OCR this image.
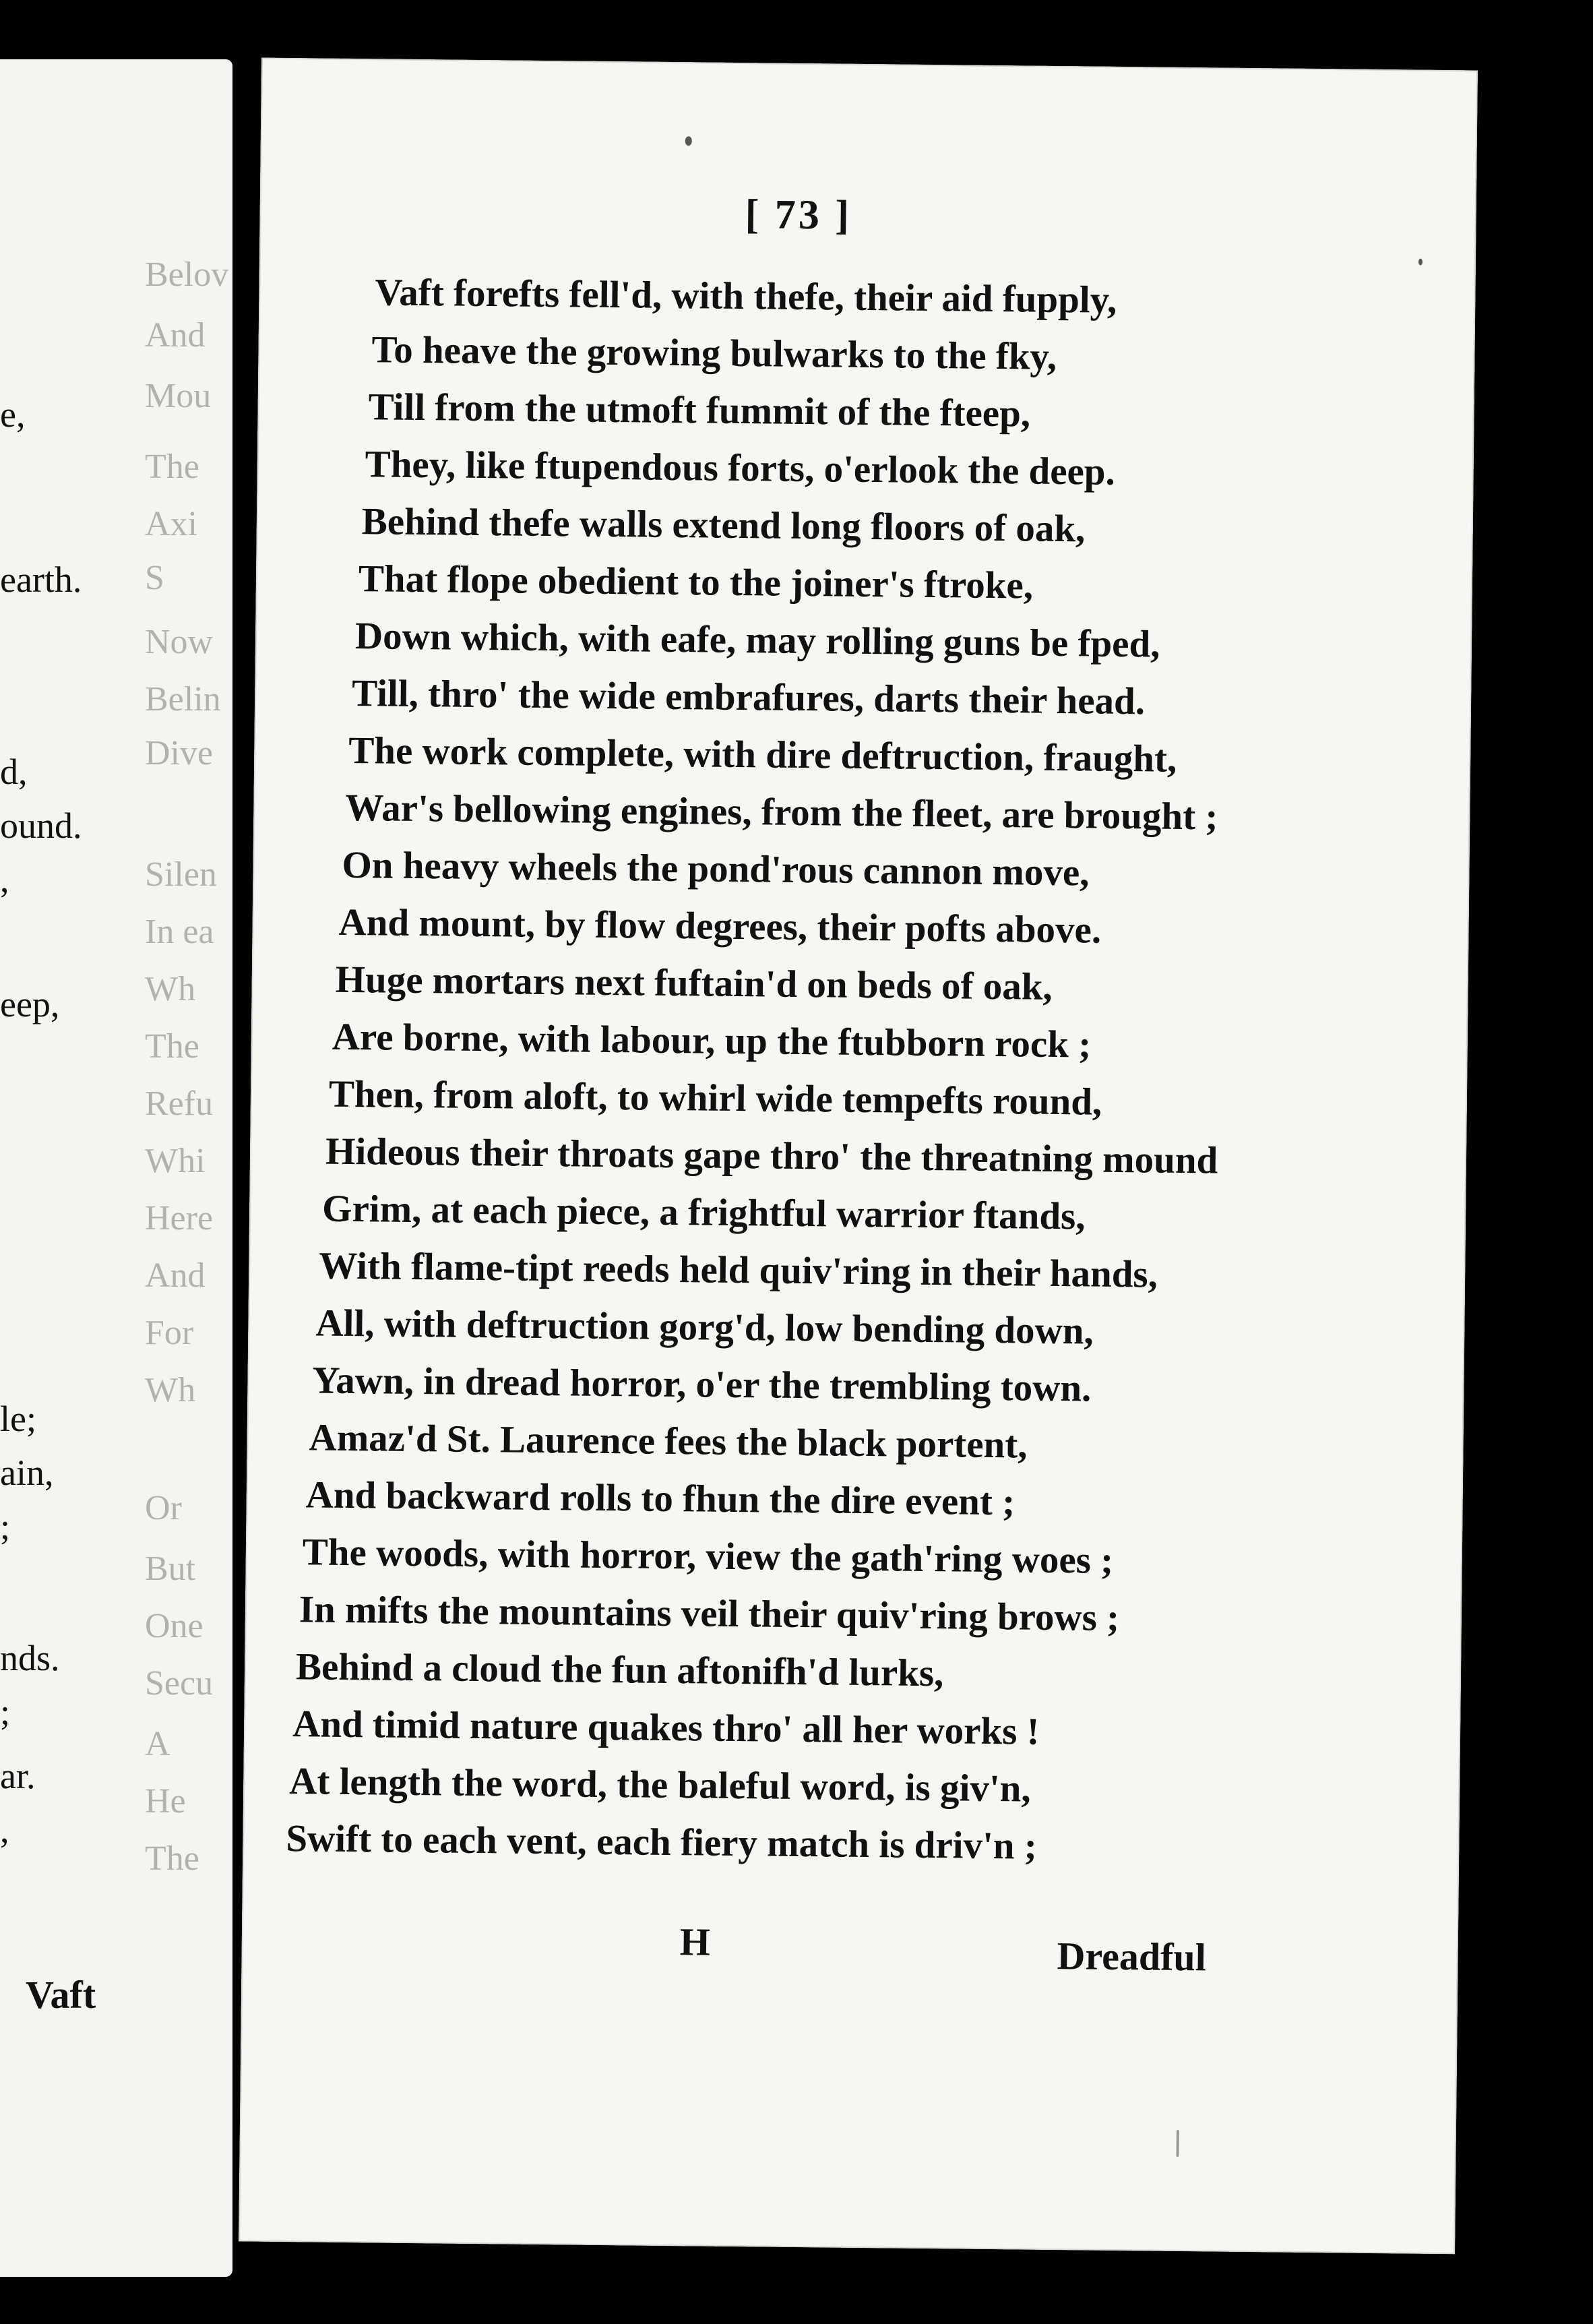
Belov
And
Mou
The
Axi
S
Now
Belin
Dive
Silen
In ea
Wh
The
Refu
Whi
Here
And
For
Wh
Or
But
One
Secu
A
He
The
e,
earth.
d,
ound.
,
eep,
le;
ain,
;
nds.
;
ar.
,
Vaft
[ 73 ]
Vaft forefts fell'd, with thefe, their aid fupply,
To heave the growing bulwarks to the fky,
Till from the utmoft fummit of the fteep,
They, like ftupendous forts, o'erlook the deep.
Behind thefe walls extend long floors of oak,
That flope obedient to the joiner's ftroke,
Down which, with eafe, may rolling guns be fped,
Till, thro' the wide embrafures, darts their head.
The work complete, with dire deftruction, fraught,
War's bellowing engines, from the fleet, are brought ;
On heavy wheels the pond'rous cannon move,
And mount, by flow degrees, their pofts above.
Huge mortars next fuftain'd on beds of oak,
Are borne, with labour, up the ftubborn rock ;
Then, from aloft, to whirl wide tempefts round,
Hideous their throats gape thro' the threatning mound
Grim, at each piece, a frightful warrior ftands,
With flame-tipt reeds held quiv'ring in their hands,
All, with deftruction gorg'd, low bending down,
Yawn, in dread horror, o'er the trembling town.
Amaz'd St. Laurence fees the black portent,
And backward rolls to fhun the dire event ;
The woods, with horror, view the gath'ring woes ;
In mifts the mountains veil their quiv'ring brows ;
Behind a cloud the fun aftonifh'd lurks,
And timid nature quakes thro' all her works !
At length the word, the baleful word, is giv'n,
Swift to each vent, each fiery match is driv'n ;
H	Dreadful
